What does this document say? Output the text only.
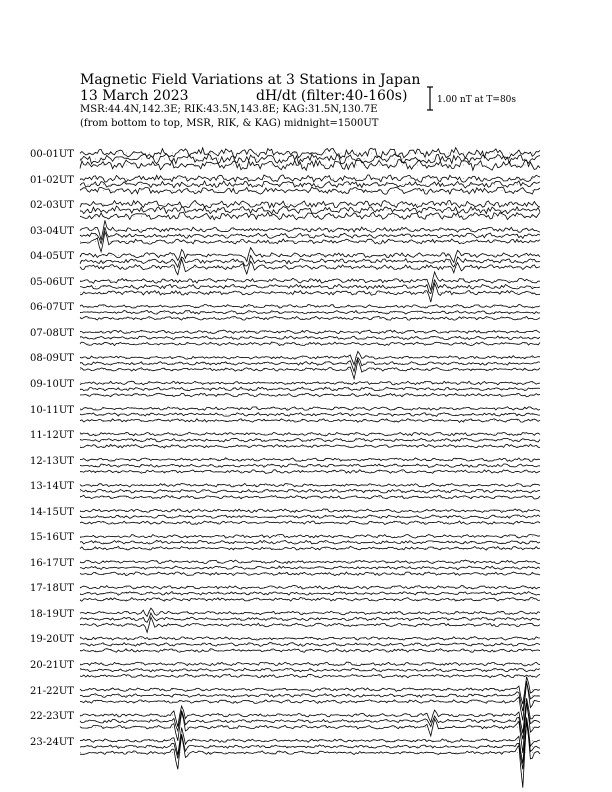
Magnetic Field Variations at 3 Stations in Japan
13 March 2023	dH/dt (filter:40-160s)
MSR:44.4N,142.3E; RIK:43.5N,143.8E; KAG:31.5N,130.7E
(from bottom to top, MSR, RIK, & KAG) midnight=1500UT
1.00 nT at T=80s
00-01UT
01-02UT
02-03UT
03-04UT
04-05UT
05-06UT
06-07UT
07-08UT
08-09UT
09-10UT
10-11UT
11-12UT
12-13UT
13-14UT
14-15UT
15-16UT
16-17UT
17-18UT
18-19UT
19-20UT
20-21UT
21-22UT
22-23UT
23-24UT
